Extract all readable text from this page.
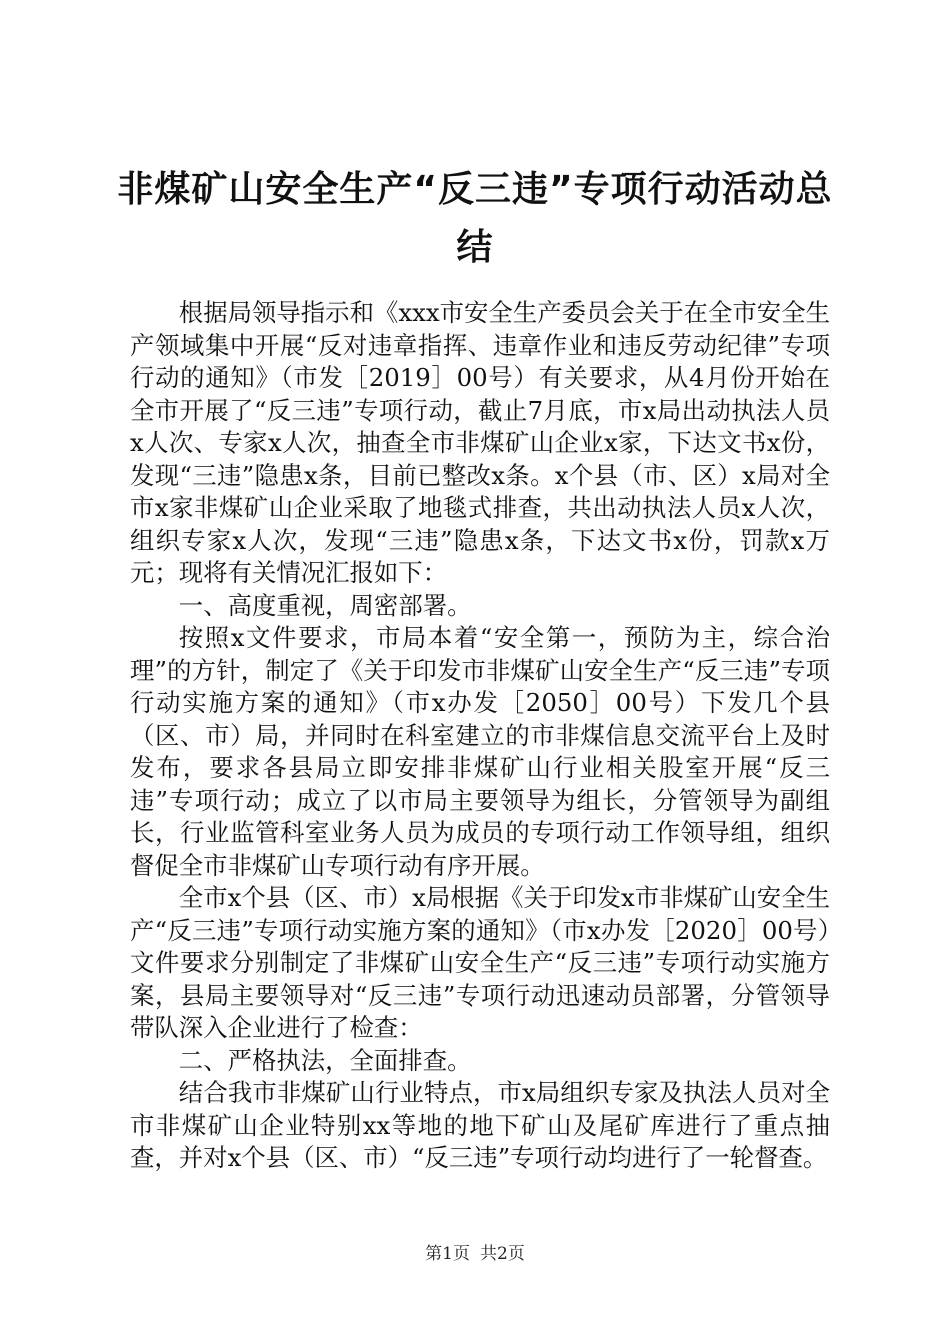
非煤矿山安全生产“反三违”专项行动活动总
结

根据局领导指示和《xxx市安全生产委员会关于在全市安全生产领域集中开展“反对违章指挥、违章作业和违反劳动纪律”专项行动的通知》（市发［2019］00号）有关要求，从4月份开始在全市开展了“反三违”专项行动，截止7月底，市x局出动执法人员x人次、专家x人次，抽查全市非煤矿山企业x家，下达文书x份，发现“三违”隐患x条，目前已整改x条。x个县（市、区）x局对全市x家非煤矿山企业采取了地毯式排查，共出动执法人员x人次，组织专家x人次，发现“三违”隐患x条，下达文书x份，罚款x万元；现将有关情况汇报如下：

一、高度重视，周密部署。

按照x文件要求，市局本着“安全第一，预防为主，综合治理”的方针，制定了《关于印发市非煤矿山安全生产“反三违”专项行动实施方案的通知》（市x办发［2050］00号）下发几个县（区、市）局，并同时在科室建立的市非煤信息交流平台上及时发布，要求各县局立即安排非煤矿山行业相关股室开展“反三违”专项行动；成立了以市局主要领导为组长，分管领导为副组长，行业监管科室业务人员为成员的专项行动工作领导组，组织督促全市非煤矿山专项行动有序开展。

全市x个县（区、市）x局根据《关于印发x市非煤矿山安全生产“反三违”专项行动实施方案的通知》（市x办发［2020］00号）文件要求分别制定了非煤矿山安全生产“反三违”专项行动实施方案，县局主要领导对“反三违”专项行动迅速动员部署，分管领导带队深入企业进行了检查：

二、严格执法，全面排查。

结合我市非煤矿山行业特点，市x局组织专家及执法人员对全市非煤矿山企业特别xx等地的地下矿山及尾矿库进行了重点抽查，并对x个县（区、市）“反三违”专项行动均进行了一轮督查。

第1页 共2页
